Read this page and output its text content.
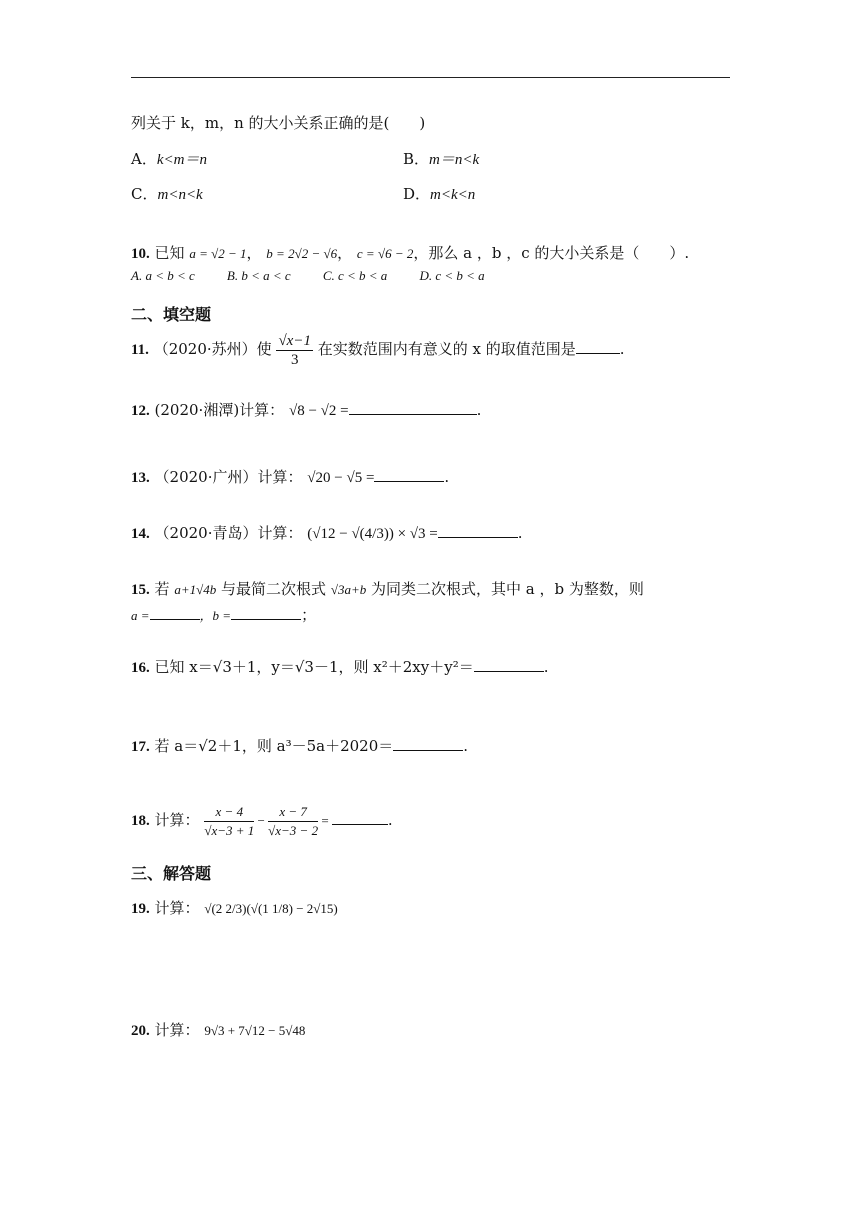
列关于 k，m，n 的大小关系正确的是(　　)
A．k<m＝n	B．m＝n<k
C．m<n<k	D．m<k<n
10. 已知 a = √2 − 1， b = 2√2 − √6， c = √6 − 2，那么 a ，b ，c 的大小关系是（　　）.
A. a < b < c B. b < a < c C. c < b < a D. c < b < a
二、填空题
11. （2020·苏州）使 $\frac{√x-1}{3}$ 在实数范围内有意义的 x 的取值范围是	.
12. (2020·湘潭)计算： √8 − √2 =	.
13. （2020·广州）计算： √20 − √5 =	.
14. （2020·青岛）计算： (√12 − √(4/3)) × √3 =	.
15. 若 a+1√4b 与最简二次根式 √3a+b 为同类二次根式，其中 a ，b 为整数，则
a =	，b =	；
16. 已知 x＝√3＋1，y＝√3－1，则 x²＋2xy＋y²＝	.
17. 若 a＝√2＋1，则 a³－5a＋2020＝	.
18. 计算： $\frac{x - 4}{√x-3 + 1} - \frac{x - 7}{√x-3 - 2}$ =	.
三、解答题
19. 计算： √(2 2/3)(√(1 1/8) − 2√15)
20. 计算： 9√3 + 7√12 − 5√48
